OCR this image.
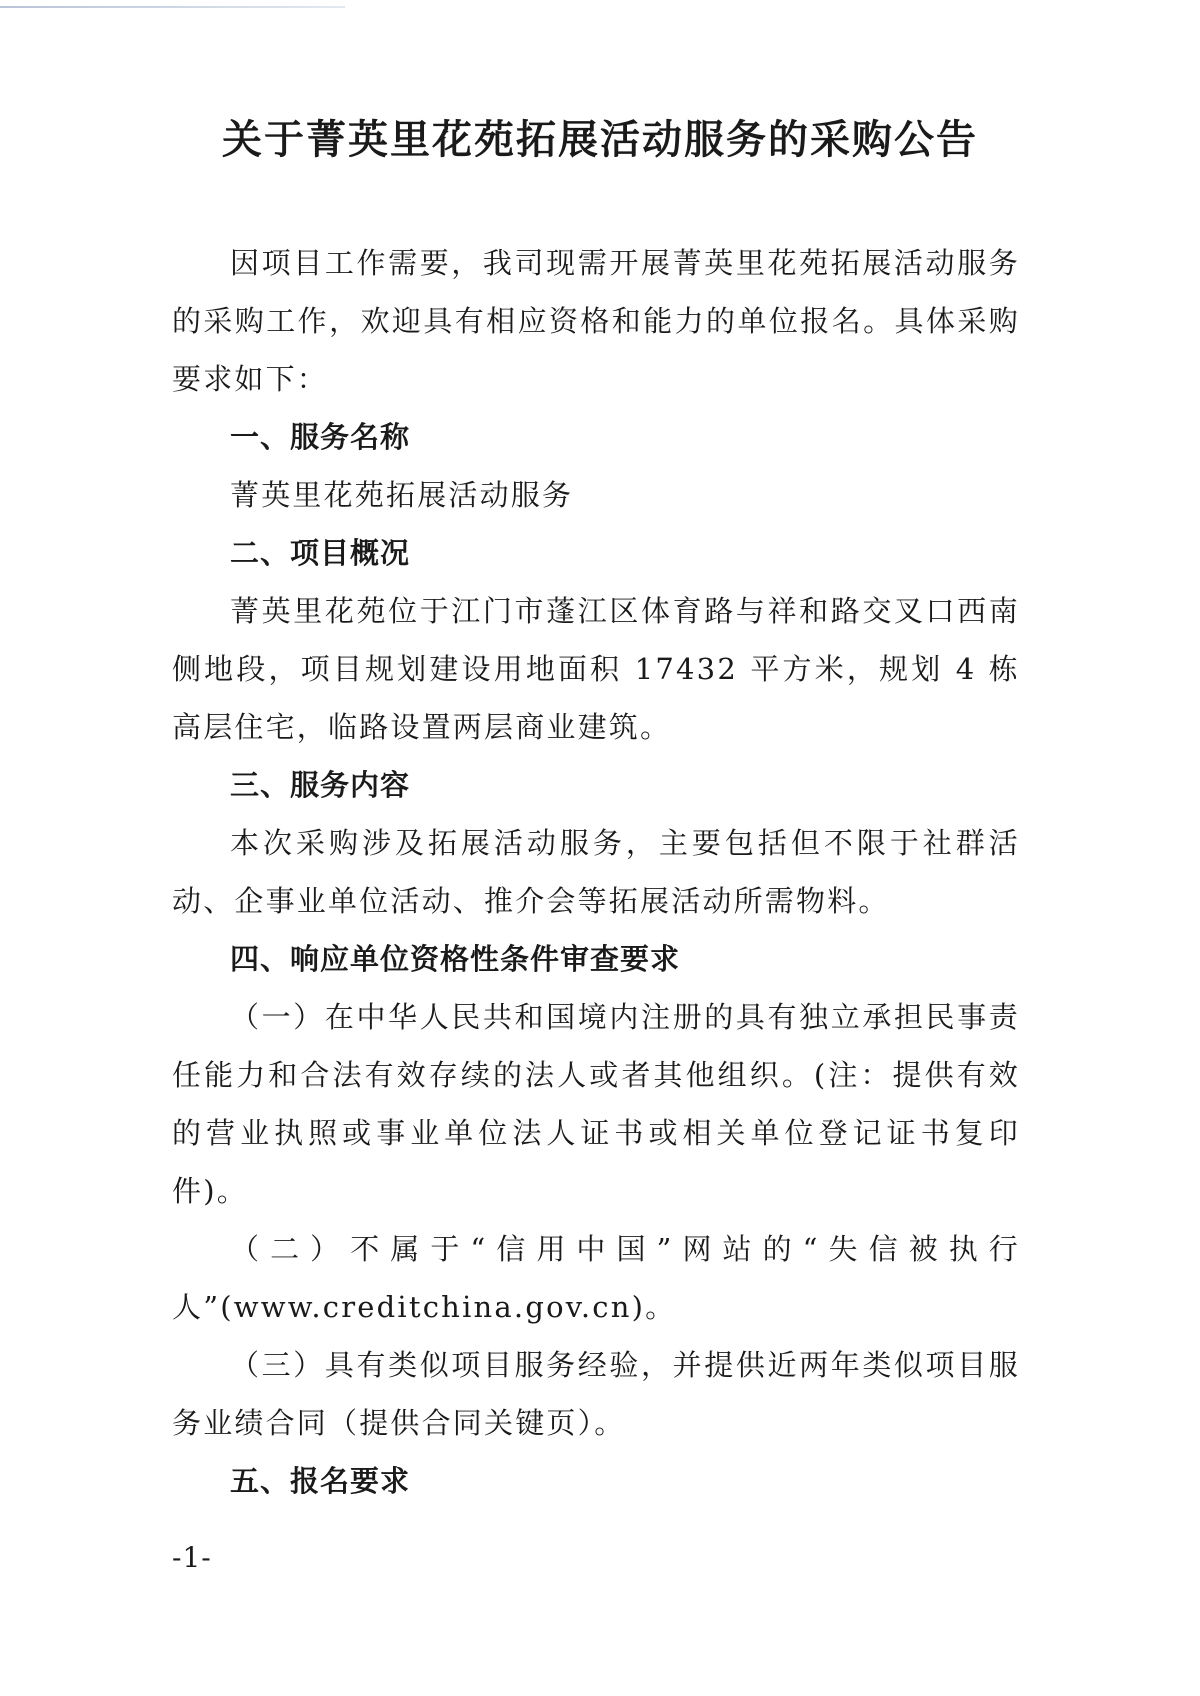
关于菁英里花苑拓展活动服务的采购公告

因项目工作需要，我司现需开展菁英里花苑拓展活动服务的采购工作，欢迎具有相应资格和能力的单位报名。具体采购要求如下：

一、服务名称

菁英里花苑拓展活动服务

二、项目概况

菁英里花苑位于江门市蓬江区体育路与祥和路交叉口西南侧地段，项目规划建设用地面积 17432 平方米，规划 4 栋高层住宅，临路设置两层商业建筑。

三、服务内容

本次采购涉及拓展活动服务，主要包括但不限于社群活动、企事业单位活动、推介会等拓展活动所需物料。

四、响应单位资格性条件审查要求

（一）在中华人民共和国境内注册的具有独立承担民事责任能力和合法有效存续的法人或者其他组织。(注：提供有效的营业执照或事业单位法人证书或相关单位登记证书复印件)。

（二）不属于“信用中国”网站的“失信被执行人”(www.creditchina.gov.cn)。

（三）具有类似项目服务经验，并提供近两年类似项目服务业绩合同（提供合同关键页）。

五、报名要求

-1-
